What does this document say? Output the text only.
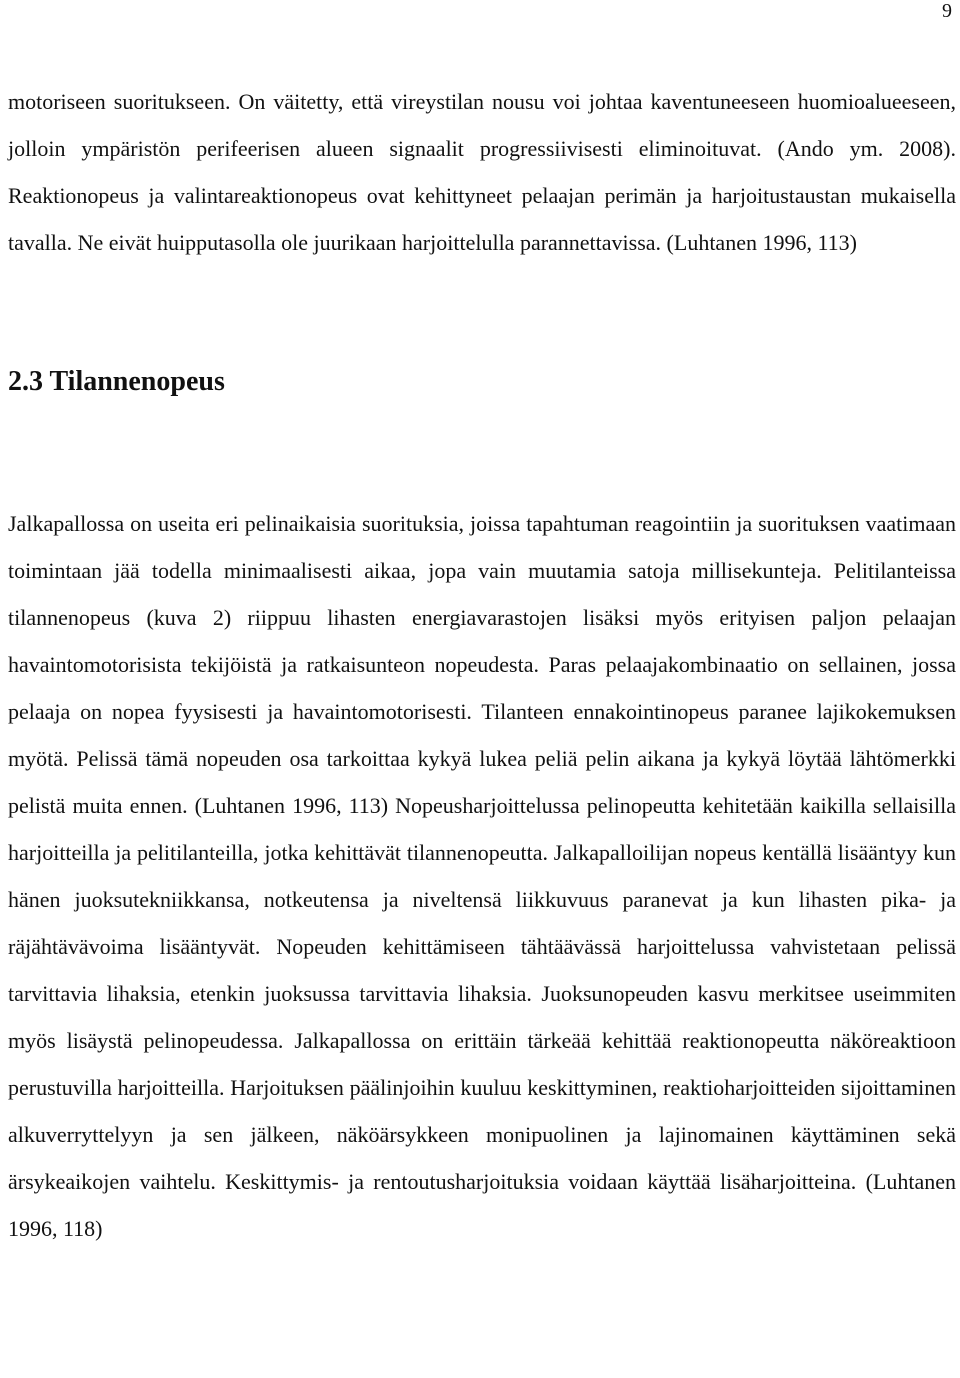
9

motoriseen suoritukseen. On väitetty, että vireystilan nousu voi johtaa kaventuneeseen huomioalueeseen, jolloin ympäristön perifeerisen alueen signaalit progressiivisesti eliminoituvat. (Ando ym. 2008). Reaktionopeus ja valintareaktionopeus ovat kehittyneet pelaajan perimän ja harjoitustaustan mukaisella tavalla. Ne eivät huipputasolla ole juurikaan harjoittelulla parannettavissa. (Luhtanen 1996, 113)

2.3 Tilannenopeus

Jalkapallossa on useita eri pelinaikaisia suorituksia, joissa tapahtuman reagointiin ja suorituksen vaatimaan toimintaan jää todella minimaalisesti aikaa, jopa vain muutamia satoja millisekunteja. Pelitilanteissa tilannenopeus (kuva 2) riippuu lihasten energiavarastojen lisäksi myös erityisen paljon pelaajan havaintomotorisista tekijöistä ja ratkaisunteon nopeudesta. Paras pelaajakombinaatio on sellainen, jossa pelaaja on nopea fyysisesti ja havaintomotorisesti. Tilanteen ennakointinopeus paranee lajikokemuksen myötä. Pelissä tämä nopeuden osa tarkoittaa kykyä lukea peliä pelin aikana ja kykyä löytää lähtömerkki pelistä muita ennen. (Luhtanen 1996, 113) Nopeusharjoittelussa pelinopeutta kehitetään kaikilla sellaisilla harjoitteilla ja pelitilanteilla, jotka kehittävät tilannenopeutta. Jalkapalloilijan nopeus kentällä lisääntyy kun hänen juoksutekniikkansa, notkeutensa ja niveltensä liikkuvuus paranevat ja kun lihasten pika- ja räjähtävävoima lisääntyvät. Nopeuden kehittämiseen tähtäävässä harjoittelussa vahvistetaan pelissä tarvittavia lihaksia, etenkin juoksussa tarvittavia lihaksia. Juoksunopeuden kasvu merkitsee useimmiten myös lisäystä pelinopeudessa. Jalkapallossa on erittäin tärkeää kehittää reaktionopeutta näköreaktioon perustuvilla harjoitteilla. Harjoituksen päälinjoihin kuuluu keskittyminen, reaktioharjoitteiden sijoittaminen alkuverryttelyyn ja sen jälkeen, näköärsykkeen monipuolinen ja lajinomainen käyttäminen sekä ärsykeaikojen vaihtelu. Keskittymis- ja rentoutusharjoituksia voidaan käyttää lisäharjoitteina. (Luhtanen 1996, 118)
